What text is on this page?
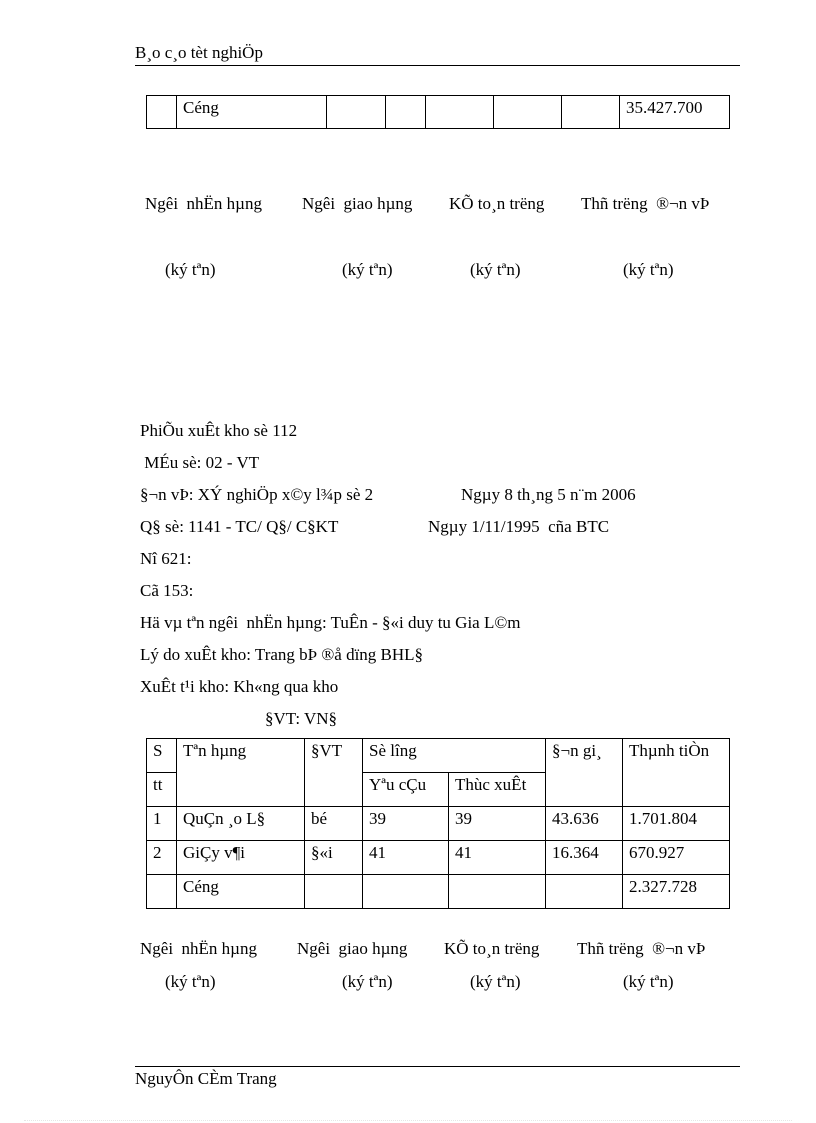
B¸o c¸o tèt nghiÖp
	Céng						35.427.700
Ngêi  nhËn hµng Ngêi  giao hµng KÕ to¸n trëng Thñ trëng  ®¬n vÞ
(ký tªn)	(ký tªn)	(ký tªn)	(ký tªn)
PhiÕu xuÊt kho sè 112
MÉu sè: 02 - VT
§¬n vÞ: XÝ nghiÖp x©y l¾p sè 2	Ngµy 8 th¸ng 5 n¨m 2006
Q§ sè: 1141 - TC/ Q§/ C§KT	Ngµy 1/11/1995  cña BTC
Nî 621:
Cã 153:
Hä vµ tªn ngêi  nhËn hµng: TuÊn - §«i duy tu Gia L©m
Lý do xuÊt kho: Trang bÞ ®å dïng BHL§
XuÊt t¹i kho: Kh«ng qua kho
§VT: VN§
S	Tªn hµng	§VT	Sè lîng		§¬n gi¸	Thµnh tiÒn
tt			Yªu cÇu	Thùc xuÊt		
1	QuÇn ¸o L§	bé	39	39	43.636	1.701.804
2	GiÇy v¶i	§«i	41	41	16.364	670.927
	Céng					2.327.728
Ngêi  nhËn hµng Ngêi  giao hµng KÕ to¸n trëng Thñ trëng  ®¬n vÞ
(ký tªn)	(ký tªn)	(ký tªn)	(ký tªn)
NguyÔn CÈm Trang
